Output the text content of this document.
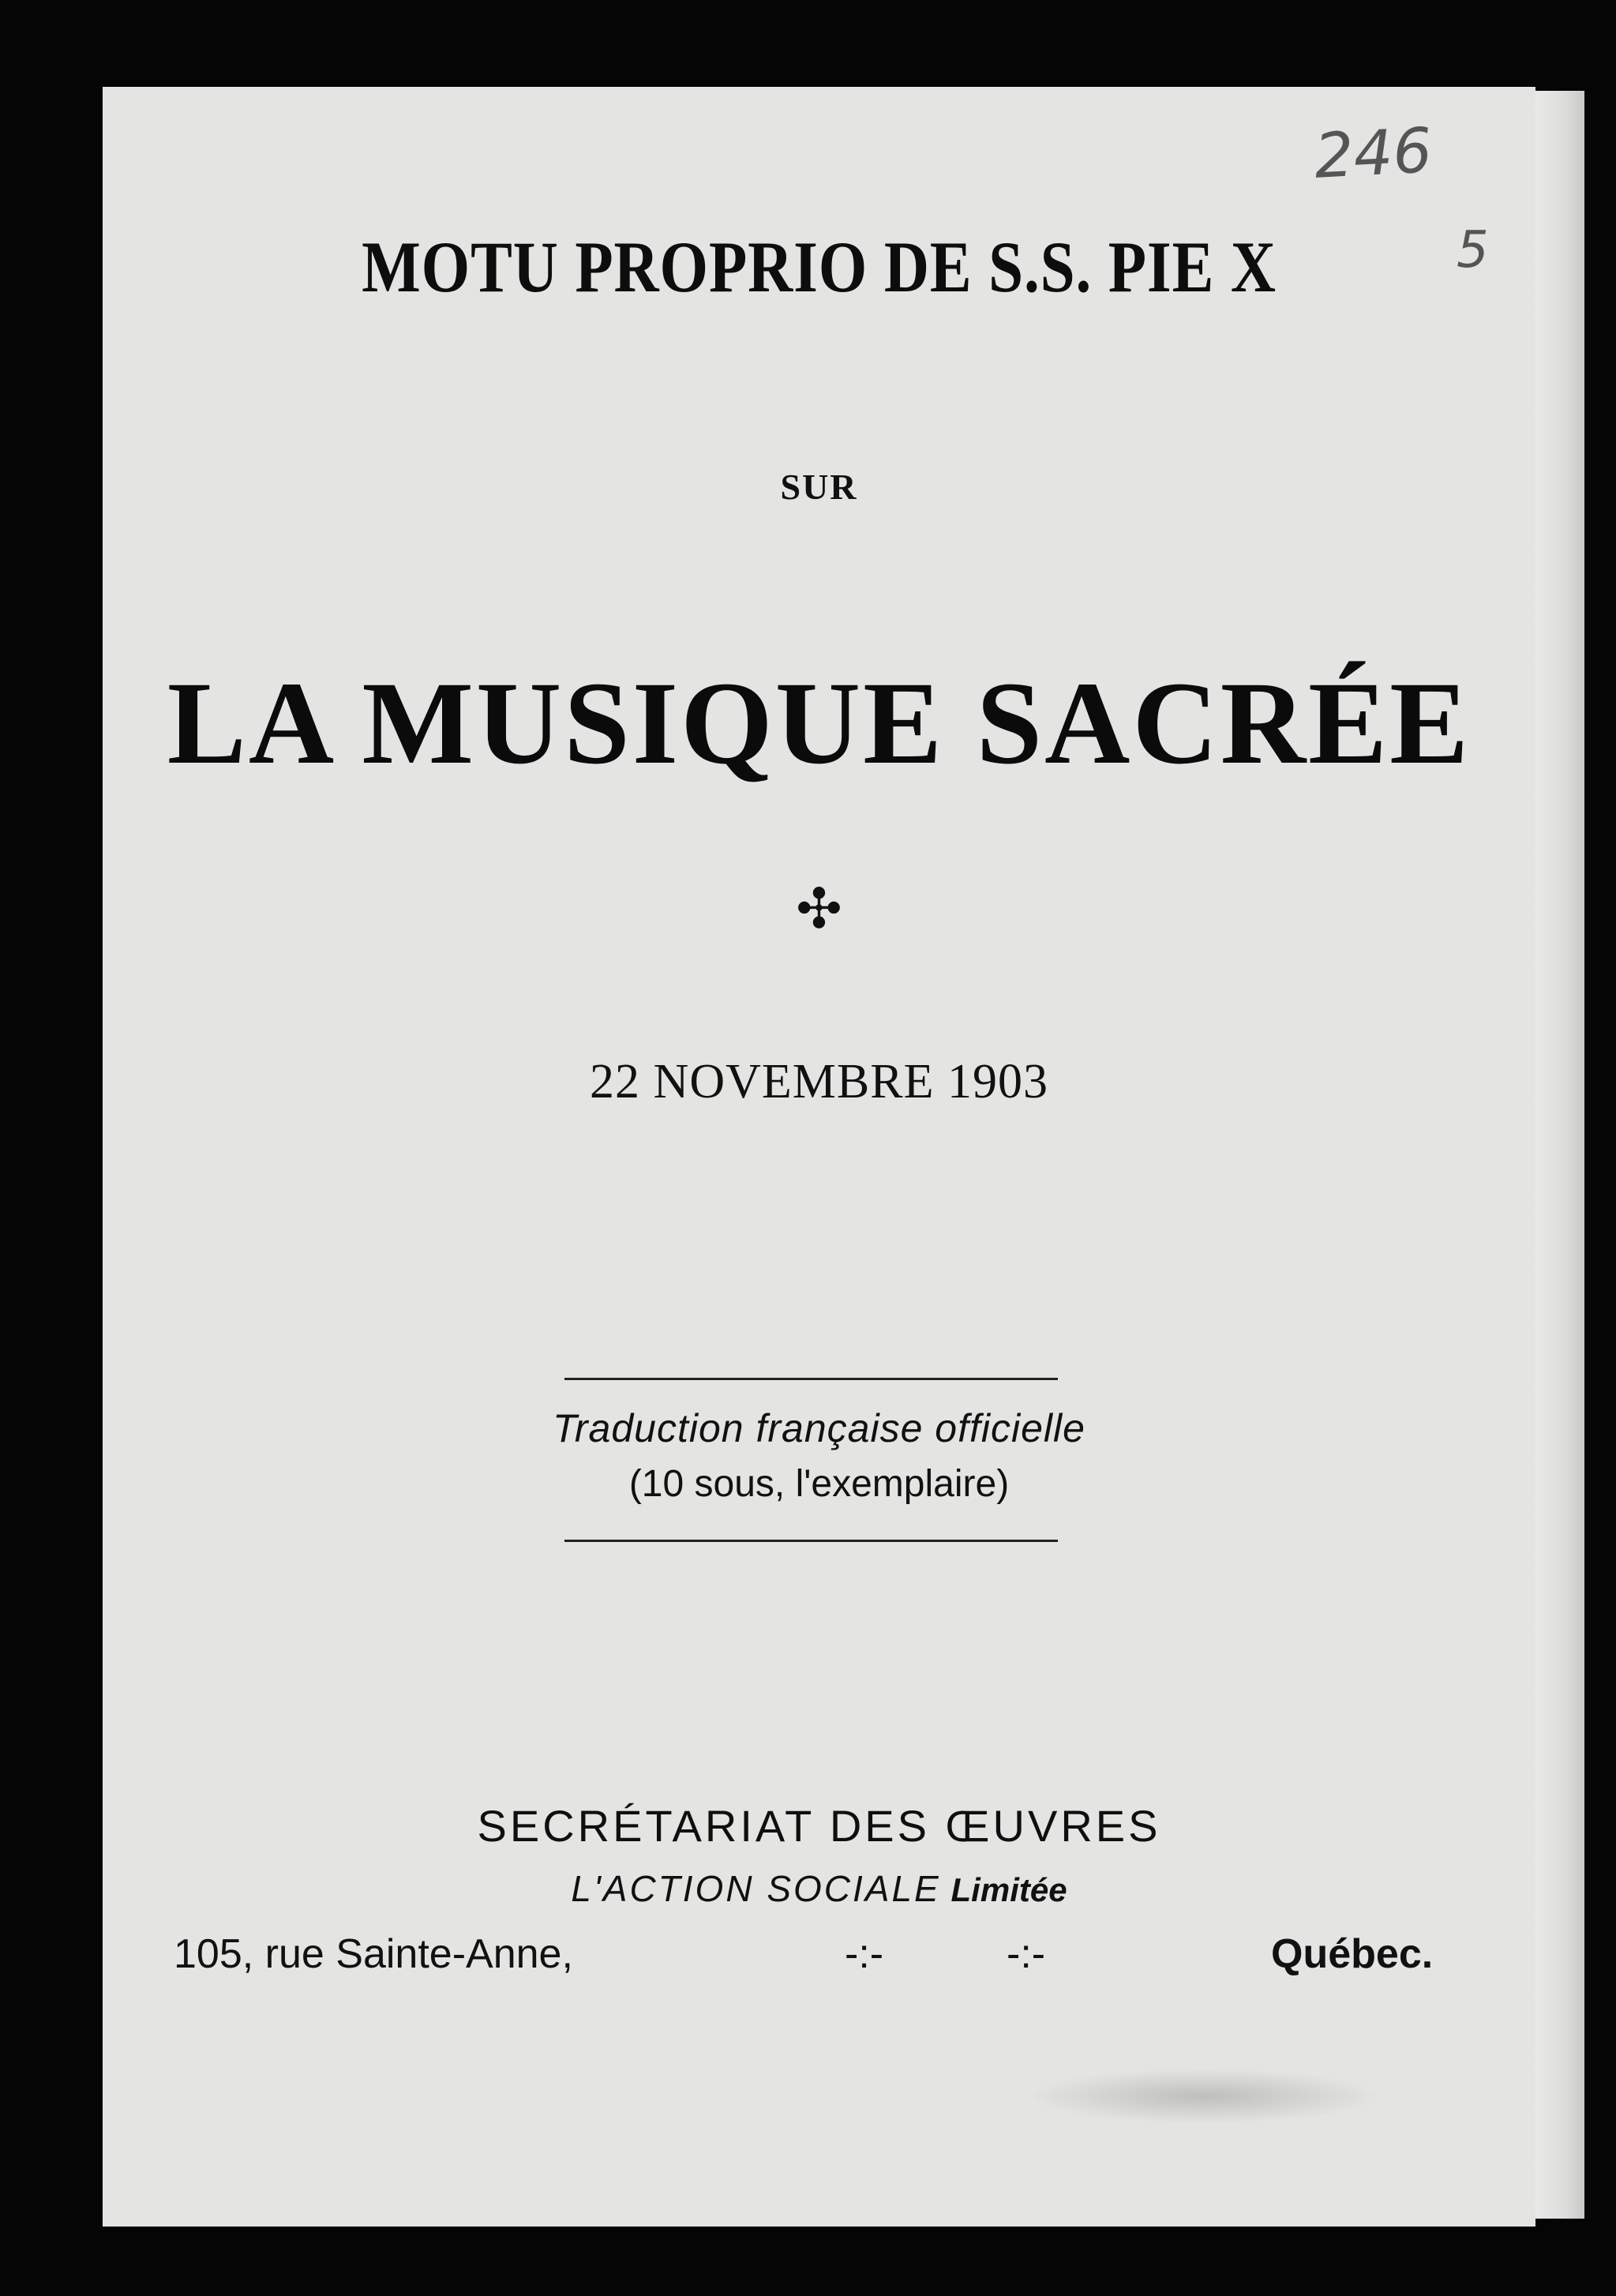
246

5

MOTU PROPRIO DE S.S. PIE X

SUR

LA MUSIQUE SACRÉE

✣

22 NOVEMBRE 1903

Traduction française officielle

(10 sous, l'exemplaire)

SECRÉTARIAT DES ŒUVRES

L'ACTION SOCIALE Limitée

105, rue Sainte-Anne,	-:-	-:-	Québec.
